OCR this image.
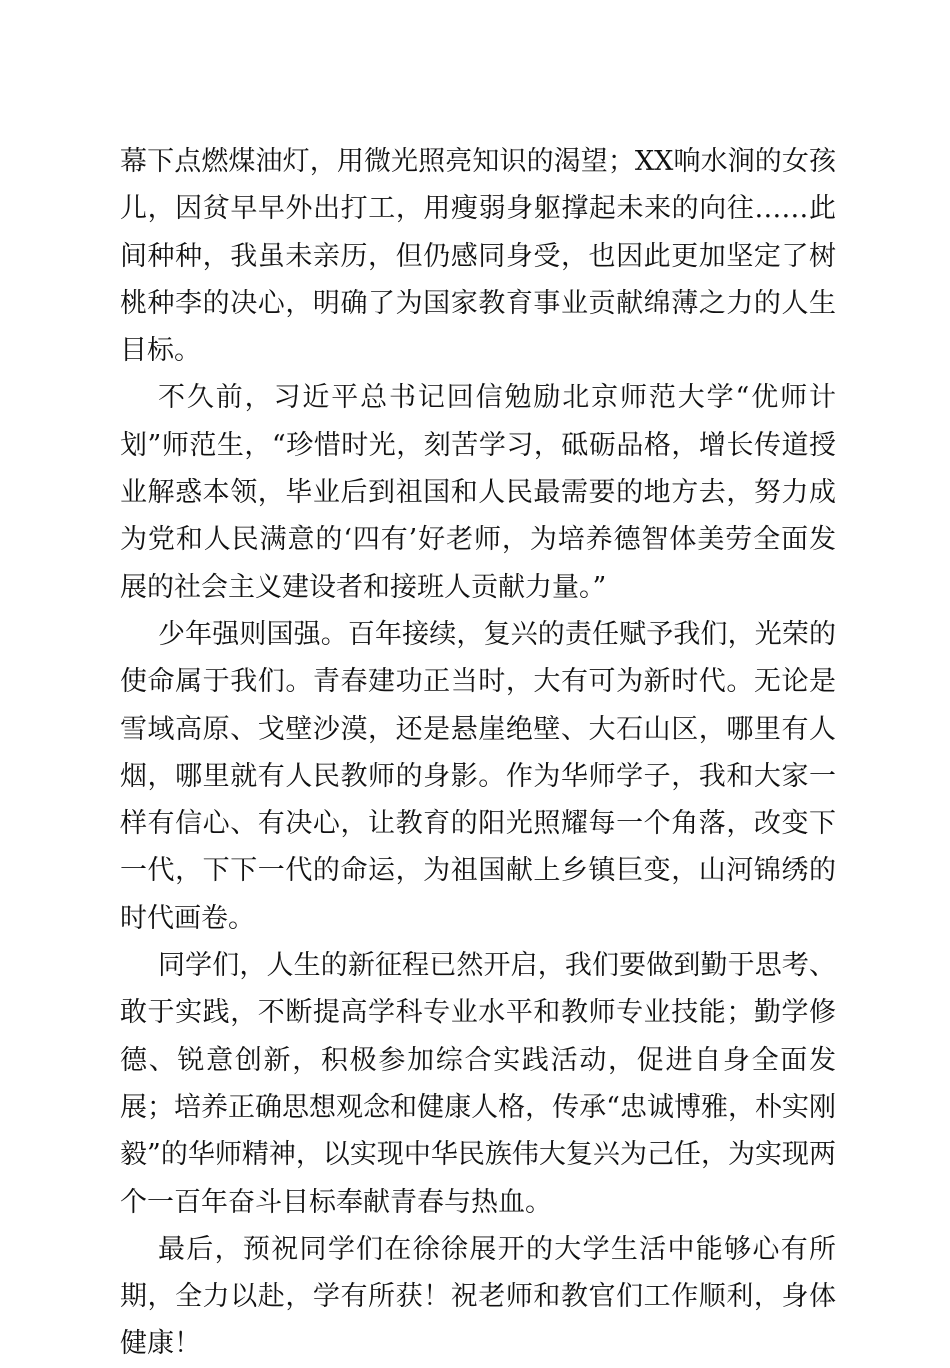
幕下点燃煤油灯，用微光照亮知识的渴望；XX响水涧的女孩儿，因贫早早外出打工，用瘦弱身躯撑起未来的向往……此间种种，我虽未亲历，但仍感同身受，也因此更加坚定了树桃种李的决心，明确了为国家教育事业贡献绵薄之力的人生目标。

不久前，习近平总书记回信勉励北京师范大学“优师计划”师范生，“珍惜时光，刻苦学习，砥砺品格，增长传道授业解惑本领，毕业后到祖国和人民最需要的地方去，努力成为党和人民满意的‘四有’好老师，为培养德智体美劳全面发展的社会主义建设者和接班人贡献力量。”

少年强则国强。百年接续，复兴的责任赋予我们，光荣的使命属于我们。青春建功正当时，大有可为新时代。无论是雪域高原、戈壁沙漠，还是悬崖绝壁、大石山区，哪里有人烟，哪里就有人民教师的身影。作为华师学子，我和大家一样有信心、有决心，让教育的阳光照耀每一个角落，改变下一代，下下一代的命运，为祖国献上乡镇巨变，山河锦绣的时代画卷。

同学们，人生的新征程已然开启，我们要做到勤于思考、敢于实践，不断提高学科专业水平和教师专业技能；勤学修德、锐意创新，积极参加综合实践活动，促进自身全面发展；培养正确思想观念和健康人格，传承“忠诚博雅，朴实刚毅”的华师精神，以实现中华民族伟大复兴为己任，为实现两个一百年奋斗目标奉献青春与热血。

最后，预祝同学们在徐徐展开的大学生活中能够心有所期，全力以赴，学有所获！祝老师和教官们工作顺利，身体健康！
